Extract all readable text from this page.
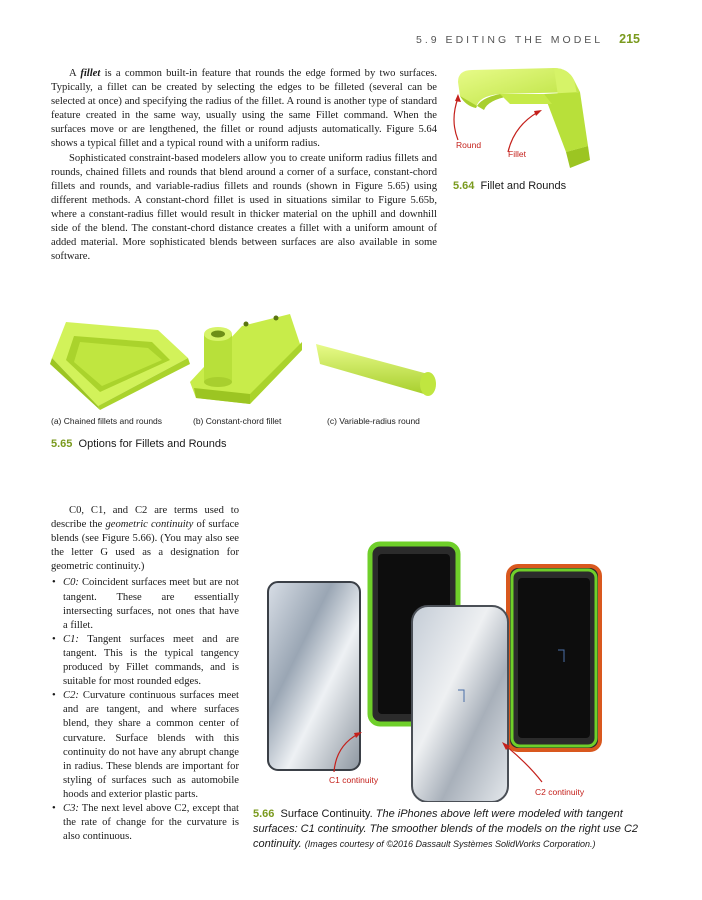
5.9 EDITING THE MODEL 215

A fillet is a common built-in feature that rounds the edge formed by two surfaces. Typically, a fillet can be created by selecting the edges to be filleted (several can be selected at once) and specifying the radius of the fillet. A round is another type of standard feature created in the same way, usually using the same Fillet command. When the surfaces move or are lengthened, the fillet or round adjusts automatically. Figure 5.64 shows a typical fillet and a typical round with a uniform radius.

Sophisticated constraint-based modelers allow you to create uniform radius fillets and rounds, chained fillets and rounds that blend around a corner of a surface, constant-chord fillets and rounds, and variable-radius fillets and rounds (shown in Figure 5.65) using different methods. A constant-chord fillet is used in situations similar to Figure 5.65b, where a constant-radius fillet would result in thicker material on the uphill and downhill side of the blend. The constant-chord distance creates a fillet with a uniform amount of added material. More sophisticated blends between surfaces are also available in some software.

Round
Fillet
5.64 Fillet and Rounds
(a) Chained fillets and rounds	(b) Constant-chord fillet	(c) Variable-radius round
5.65 Options for Fillets and Rounds

C0, C1, and C2 are terms used to describe the geometric continuity of surface blends (see Figure 5.66). (You may also see the letter G used as a designation for geometric continuity.)

• C0: Coincident surfaces meet but are not tangent. These are essentially intersecting surfaces, not ones that have a fillet.
• C1: Tangent surfaces meet and are tangent. This is the typical tangency produced by Fillet commands, and is suitable for most rounded edges.
• C2: Curvature continuous surfaces meet and are tangent, and where surfaces blend, they share a common center of curvature. Surface blends with this continuity do not have any abrupt change in radius. These blends are important for styling of surfaces such as automobile hoods and exterior plastic parts.
• C3: The next level above C2, except that the rate of change for the curvature is also continuous.
C1 continuity
C2 continuity
5.66 Surface Continuity. The iPhones above left were modeled with tangent surfaces: C1 continuity. The smoother blends of the models on the right use C2 continuity. (Images courtesy of ©2016 Dassault Systèmes SolidWorks Corporation.)
